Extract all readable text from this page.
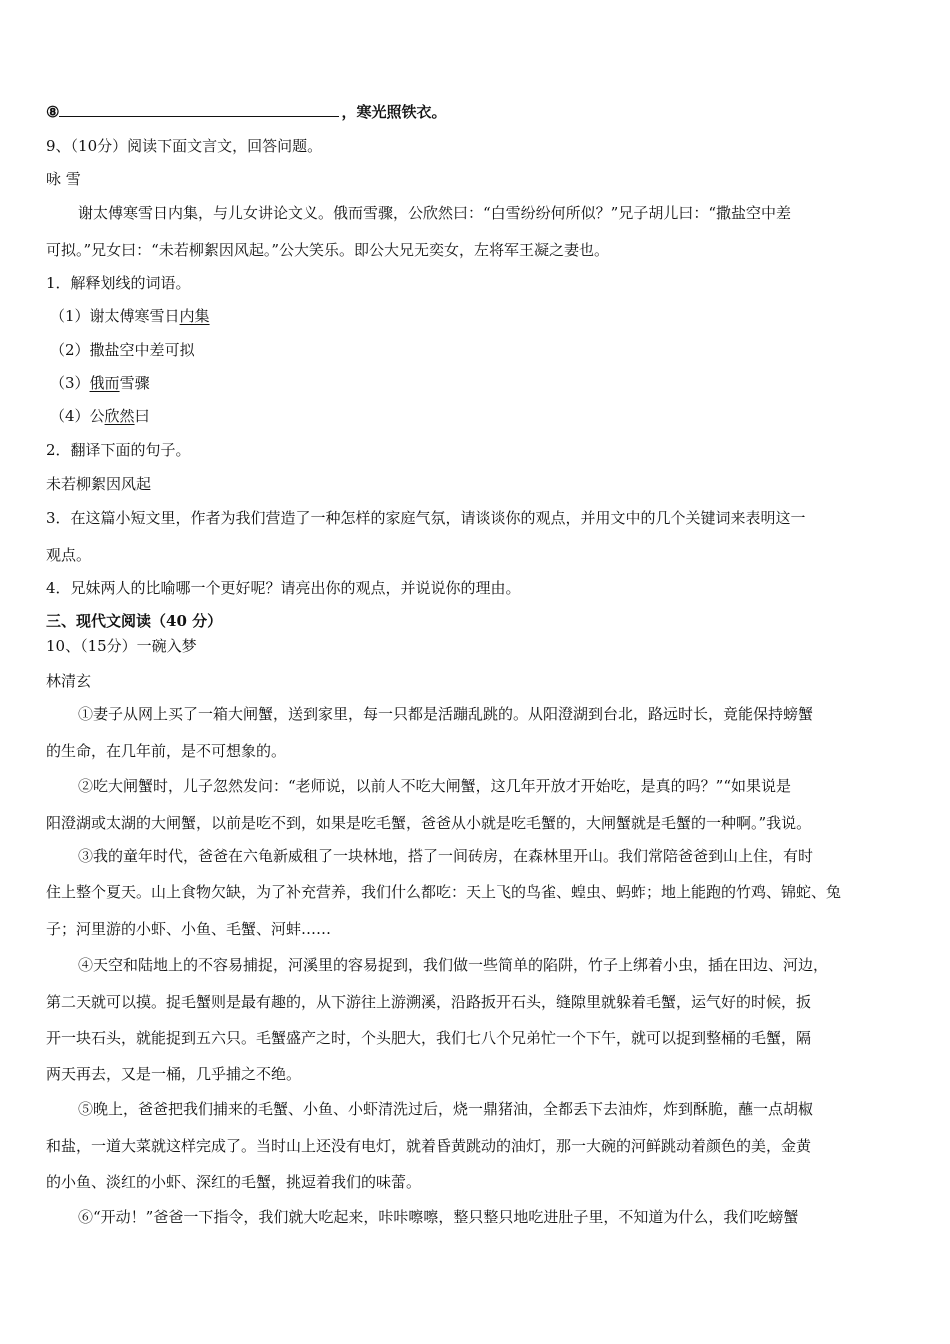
⑧	，寒光照铁衣。
9、（10分）阅读下面文言文，回答问题。
咏 雪
谢太傅寒雪日内集，与儿女讲论文义。俄而雪骤，公欣然曰：“白雪纷纷何所似？”兄子胡儿曰：“撒盐空中差
可拟。”兄女曰：“未若柳絮因风起。”公大笑乐。即公大兄无奕女，左将军王凝之妻也。
1．解释划线的词语。
（1）谢太傅寒雪日内集
（2）撒盐空中差可拟
（3）俄而雪骤
（4）公欣然曰
2．翻译下面的句子。
未若柳絮因风起
3．在这篇小短文里，作者为我们营造了一种怎样的家庭气氛，请谈谈你的观点，并用文中的几个关键词来表明这一
观点。
4．兄妹两人的比喻哪一个更好呢？请亮出你的观点，并说说你的理由。
三、现代文阅读（40 分）
10、（15分）一碗入梦
林清玄
①妻子从网上买了一箱大闸蟹，送到家里，每一只都是活蹦乱跳的。从阳澄湖到台北，路远时长，竟能保持螃蟹
的生命，在几年前，是不可想象的。
②吃大闸蟹时，儿子忽然发问：“老师说，以前人不吃大闸蟹，这几年开放才开始吃，是真的吗？”“如果说是
阳澄湖或太湖的大闸蟹，以前是吃不到，如果是吃毛蟹，爸爸从小就是吃毛蟹的，大闸蟹就是毛蟹的一种啊。”我说。
③我的童年时代，爸爸在六龟新威租了一块林地，搭了一间砖房，在森林里开山。我们常陪爸爸到山上住，有时
住上整个夏天。山上食物欠缺，为了补充营养，我们什么都吃：天上飞的鸟雀、蝗虫、蚂蚱；地上能跑的竹鸡、锦蛇、兔
子；河里游的小虾、小鱼、毛蟹、河蚌……
④天空和陆地上的不容易捕捉，河溪里的容易捉到，我们做一些简单的陷阱，竹子上绑着小虫，插在田边、河边，
第二天就可以摸。捉毛蟹则是最有趣的，从下游往上游溯溪，沿路扳开石头，缝隙里就躲着毛蟹，运气好的时候，扳
开一块石头，就能捉到五六只。毛蟹盛产之时，个头肥大，我们七八个兄弟忙一个下午，就可以捉到整桶的毛蟹，隔
两天再去，又是一桶，几乎捕之不绝。
⑤晚上，爸爸把我们捕来的毛蟹、小鱼、小虾清洗过后，烧一鼎猪油，全都丢下去油炸，炸到酥脆，蘸一点胡椒
和盐，一道大菜就这样完成了。当时山上还没有电灯，就着昏黄跳动的油灯，那一大碗的河鲜跳动着颜色的美，金黄
的小鱼、淡红的小虾、深红的毛蟹，挑逗着我们的味蕾。
⑥“开动！”爸爸一下指令，我们就大吃起来，咔咔嚓嚓，整只整只地吃进肚子里，不知道为什么，我们吃螃蟹
